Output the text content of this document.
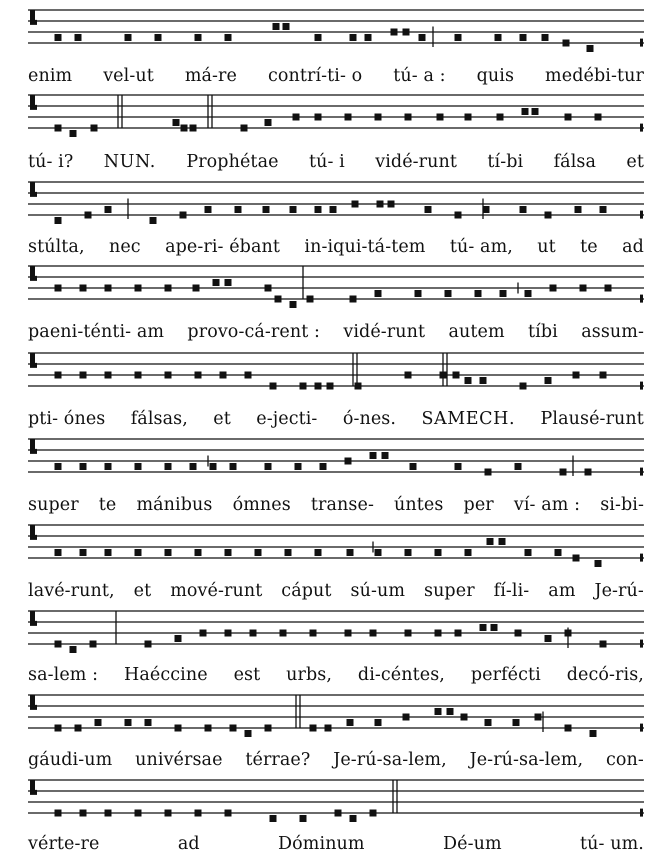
enim vel-ut má-re contrí-ti- o tú- a : quis medébi-tur
tú- i? NUN. Prophétae tú- i vidé-runt tí-bi fálsa et
stúlta, nec ape-ri- ébant in-iqui-tá-tem tú- am, ut te ad
paeni-ténti- am provo-cá-rent : vidé-runt autem tíbi assum-
pti- ónes fálsas, et e-jecti- ó-nes. SAMECH. Plausé-runt
super te mánibus ómnes transe- úntes per ví- am : si-bi-
lavé-runt, et mové-runt cáput sú-um super fí-li- am Je-rú-
sa-lem : Haéccine est urbs, di-céntes, perfécti decó-ris,
gáudi-um univérsae térrae? Je-rú-sa-lem, Je-rú-sa-lem, con-
vérte-re	ad	Dóminum	Dé-um	tú- um.
